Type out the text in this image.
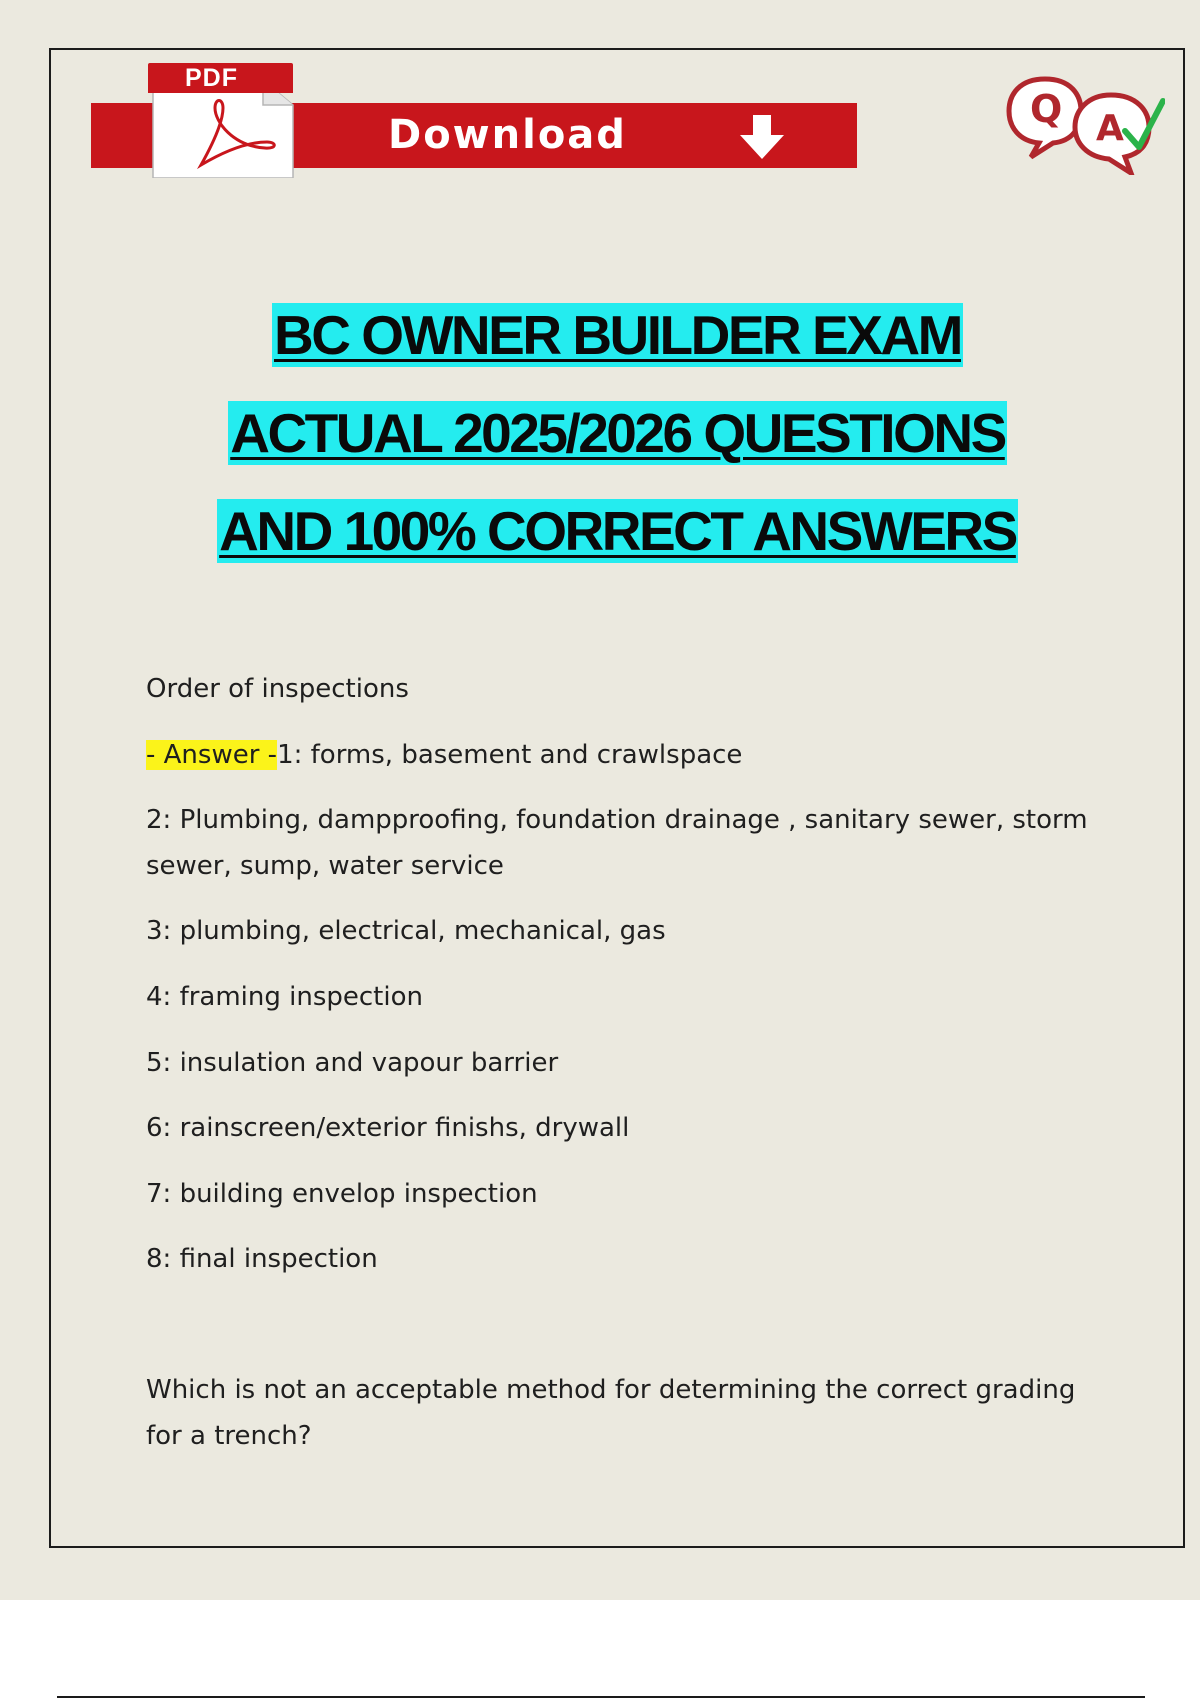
PDF
Download
Q A
BC OWNER BUILDER EXAM
ACTUAL 2025/2026 QUESTIONS
AND 100% CORRECT ANSWERS
Order of inspections
- Answer -1: forms, basement and crawlspace
2: Plumbing, dampproofing, foundation drainage , sanitary sewer, storm
sewer, sump, water service
3: plumbing, electrical, mechanical, gas
4: framing inspection
5: insulation and vapour barrier
6: rainscreen/exterior finishs, drywall
7: building envelop inspection
8: final inspection
Which is not an acceptable method for determining the correct grading
for a trench?
